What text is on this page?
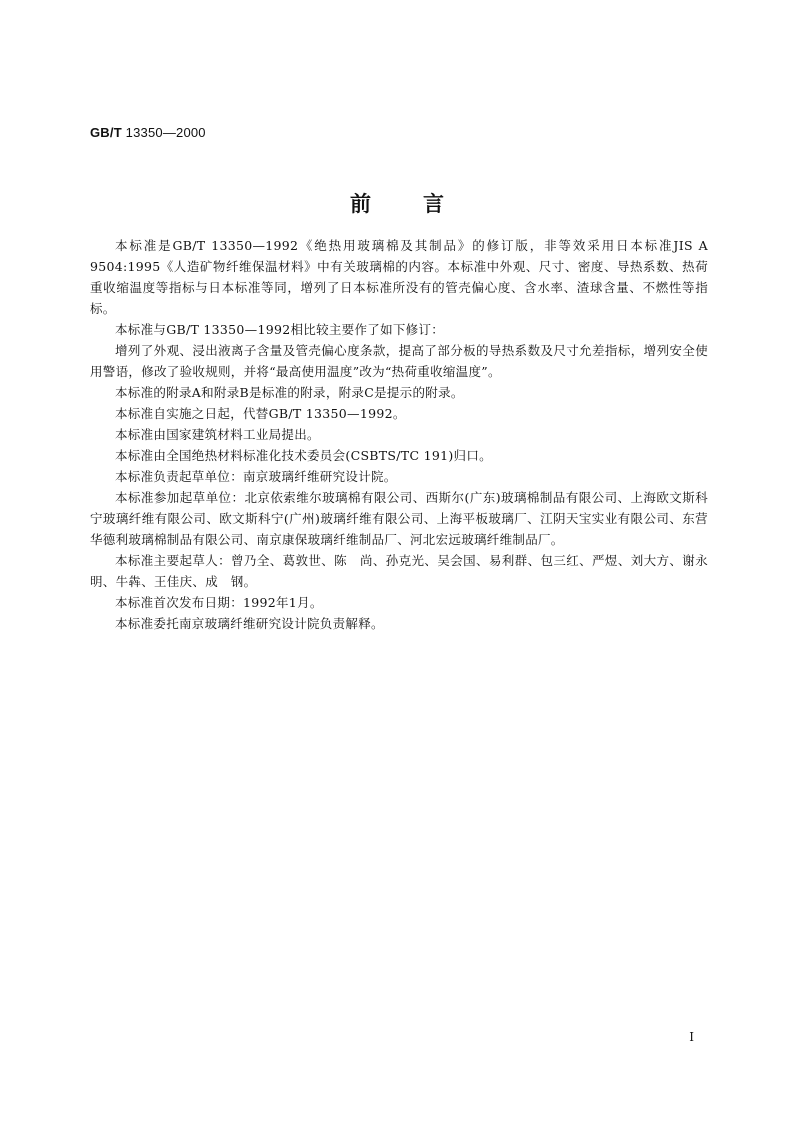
GB/T 13350—2000
前言

本标准是GB/T 13350—1992《绝热用玻璃棉及其制品》的修订版，非等效采用日本标准JIS A 9504:1995《人造矿物纤维保温材料》中有关玻璃棉的内容。本标准中外观、尺寸、密度、导热系数、热荷重收缩温度等指标与日本标准等同，增列了日本标准所没有的管壳偏心度、含水率、渣球含量、不燃性等指标。

本标准与GB/T 13350—1992相比较主要作了如下修订：

增列了外观、浸出液离子含量及管壳偏心度条款，提高了部分板的导热系数及尺寸允差指标，增列安全使用警语，修改了验收规则，并将“最高使用温度”改为“热荷重收缩温度”。

本标准的附录A和附录B是标准的附录，附录C是提示的附录。

本标准自实施之日起，代替GB/T 13350—1992。

本标准由国家建筑材料工业局提出。

本标准由全国绝热材料标准化技术委员会(CSBTS/TC 191)归口。

本标准负责起草单位：南京玻璃纤维研究设计院。

本标准参加起草单位：北京依索维尔玻璃棉有限公司、西斯尔(广东)玻璃棉制品有限公司、上海欧文斯科宁玻璃纤维有限公司、欧文斯科宁(广州)玻璃纤维有限公司、上海平板玻璃厂、江阴天宝实业有限公司、东营华德利玻璃棉制品有限公司、南京康保玻璃纤维制品厂、河北宏远玻璃纤维制品厂。

本标准主要起草人：曾乃全、葛敦世、陈　尚、孙克光、吴会国、易利群、包三红、严煜、刘大方、谢永明、牛犇、王佳庆、成　钢。

本标准首次发布日期：1992年1月。

本标准委托南京玻璃纤维研究设计院负责解释。

I
